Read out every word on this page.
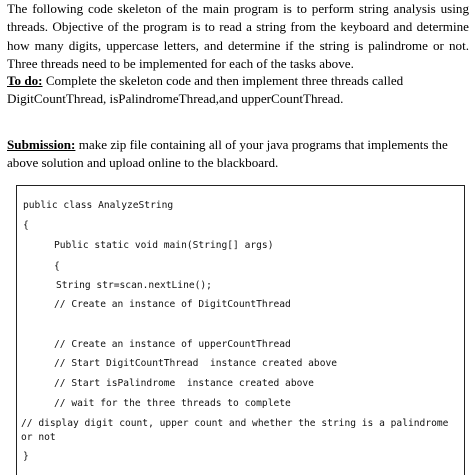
The following code skeleton of the main program is to perform string analysis using threads. Objective of the program is to read a string from the keyboard and determine how many digits, uppercase letters, and determine if the string is palindrome or not. Three threads need to be implemented for each of the tasks above.

To do: Complete the skeleton code and then implement three threads called DigitCountThread, isPalindromeThread,and upperCountThread.

Submission: make zip file containing all of your java programs that implements the above solution and upload online to the blackboard.

public class AnalyzeString
{
Public static void main(String[] args)
{
String str=scan.nextLine();
// Create an instance of DigitCountThread
// Create an instance of upperCountThread
// Start DigitCountThread  instance created above
// Start isPalindrome  instance created above
// wait for the three threads to complete
// display digit count, upper count and whether the string is a palindrome
or not
}
